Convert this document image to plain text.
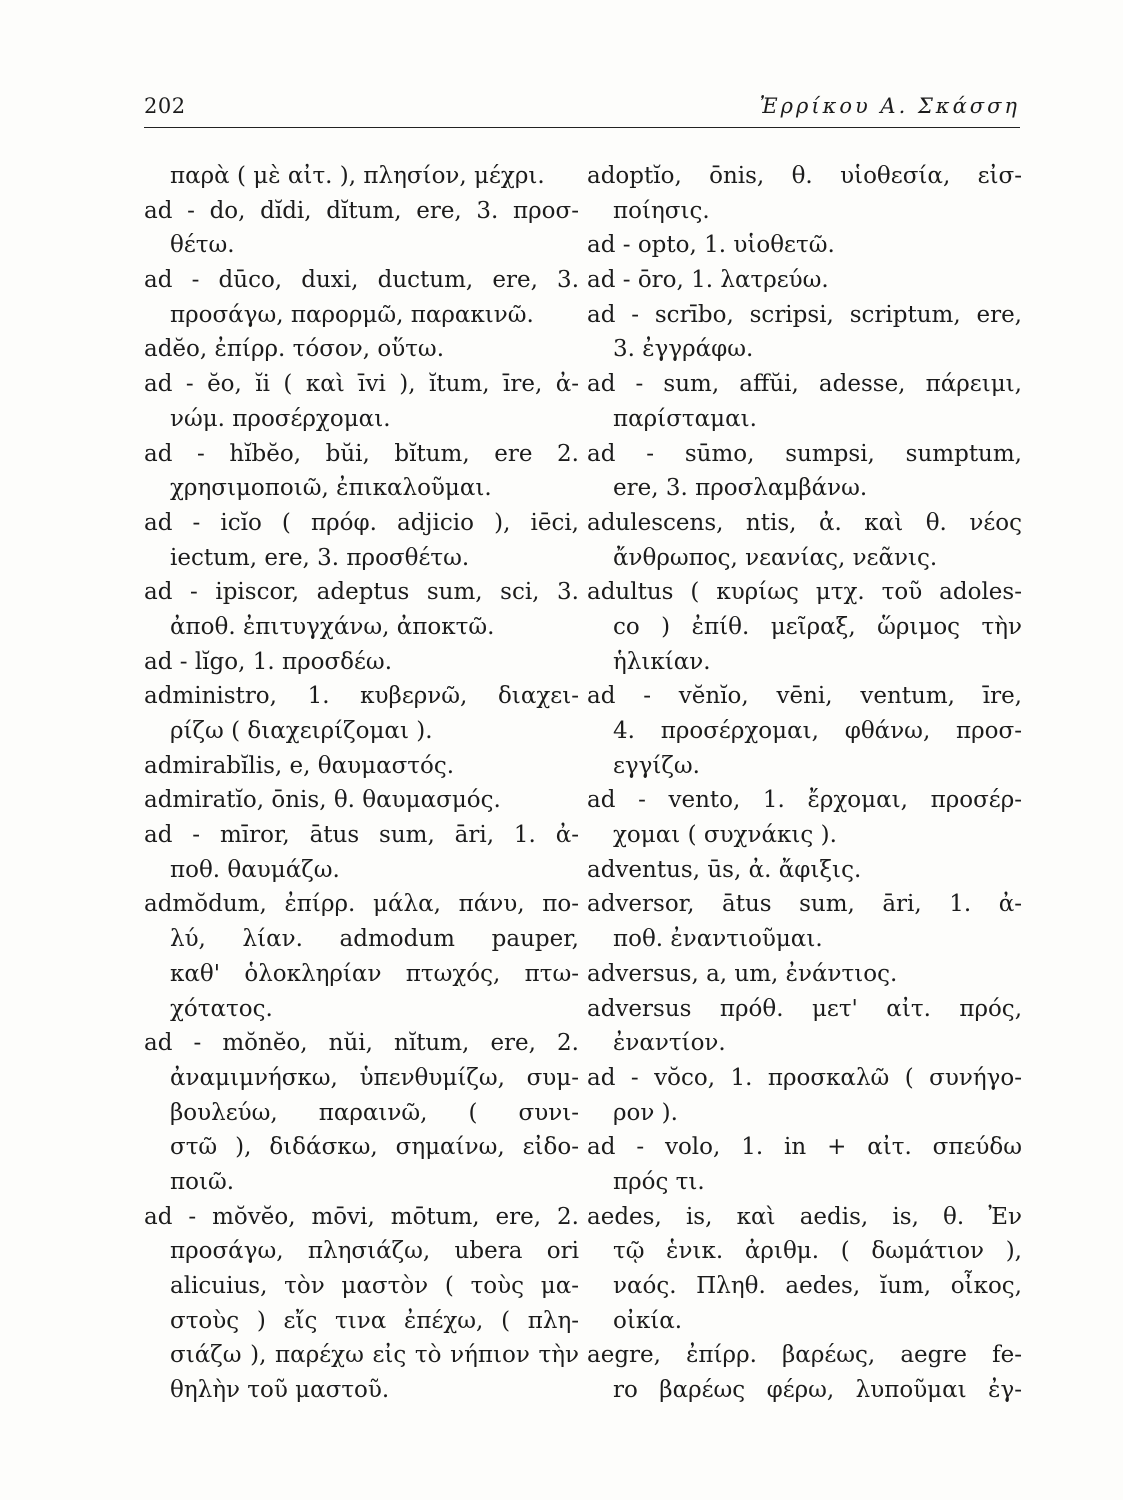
202	Ἐρρίκου Α. Σκάσση
παρὰ ( μὲ αἰτ. ), πλησίον, μέχρι.
ad - do, dĭdi, dĭtum, ere, 3. προσ-
θέτω.
ad - dūco, duxi, ductum, ere, 3.
προσάγω, παρορμῶ, παρακινῶ.
adĕo, ἐπίρρ. τόσον, οὕτω.
ad - ĕo, ĭi ( καὶ īvi ), ĭtum, īre, ἀ-
νώμ. προσέρχομαι.
ad - hĭbĕo, bŭi, bĭtum, ere 2.
χρησιμοποιῶ, ἐπικαλοῦμαι.
ad - icĭo ( πρόφ. adjicio ), iēci,
iectum, ere, 3. προσθέτω.
ad - ipiscor, adeptus sum, sci, 3.
ἀποθ. ἐπιτυγχάνω, ἀποκτῶ.
ad - lĭgo, 1. προσδέω.
administro, 1. κυβερνῶ, διαχει-
ρίζω ( διαχειρίζομαι ).
admirabĭlis, e, θαυμαστός.
admiratĭo, ōnis, θ. θαυμασμός.
ad - mīror, ātus sum, āri, 1. ἀ-
ποθ. θαυμάζω.
admŏdum, ἐπίρρ. μάλα, πάνυ, πο-
λύ, λίαν. admodum pauper,
καθ' ὁλοκληρίαν πτωχός, πτω-
χότατος.
ad - mŏnĕo, nŭi, nĭtum, ere, 2.
ἀναμιμνήσκω, ὑπενθυμίζω, συμ-
βουλεύω, παραινῶ, ( συνι-
στῶ ), διδάσκω, σημαίνω, εἰδο-
ποιῶ.
ad - mŏvĕo, mōvi, mōtum, ere, 2.
προσάγω, πλησιάζω, ubera ori
alicuius, τὸν μαστὸν ( τοὺς μα-
στοὺς ) εἴς τινα ἐπέχω, ( πλη-
σιάζω ), παρέχω εἰς τὸ νήπιον τὴν
θηλὴν τοῦ μαστοῦ.
adoptĭo, ōnis, θ. υἱοθεσία, εἰσ-
ποίησις.
ad - opto, 1. υἱοθετῶ.
ad - ōro, 1. λατρεύω.
ad - scrībo, scripsi, scriptum, ere,
3. ἐγγράφω.
ad - sum, affŭi, adesse, πάρειμι,
παρίσταμαι.
ad - sūmo, sumpsi, sumptum,
ere, 3. προσλαμβάνω.
adulescens, ntis, ἀ. καὶ θ. νέος
ἄνθρωπος, νεανίας, νεᾶνις.
adultus ( κυρίως μτχ. τοῦ adoles-
co ) ἐπίθ. μεῖραξ, ὥριμος τὴν
ἡλικίαν.
ad - vĕnĭo, vēni, ventum, īre,
4. προσέρχομαι, φθάνω, προσ-
εγγίζω.
ad - vento, 1. ἔρχομαι, προσέρ-
χομαι ( συχνάκις ).
adventus, ūs, ἀ. ἄφιξις.
adversor, ātus sum, āri, 1. ἀ-
ποθ. ἐναντιοῦμαι.
adversus, a, um, ἐνάντιος.
adversus πρόθ. μετ' αἰτ. πρός,
ἐναντίον.
ad - vŏco, 1. προσκαλῶ ( συνήγο-
ρον ).
ad - volo, 1. in + αἰτ. σπεύδω
πρός τι.
aedes, is, καὶ aedis, is, θ. Ἐν
τῷ ἑνικ. ἀριθμ. ( δωμάτιον ),
ναός. Πληθ. aedes, ĭum, οἶκος,
οἰκία.
aegre, ἐπίρρ. βαρέως, aegre fe-
ro βαρέως φέρω, λυποῦμαι ἐγ-
